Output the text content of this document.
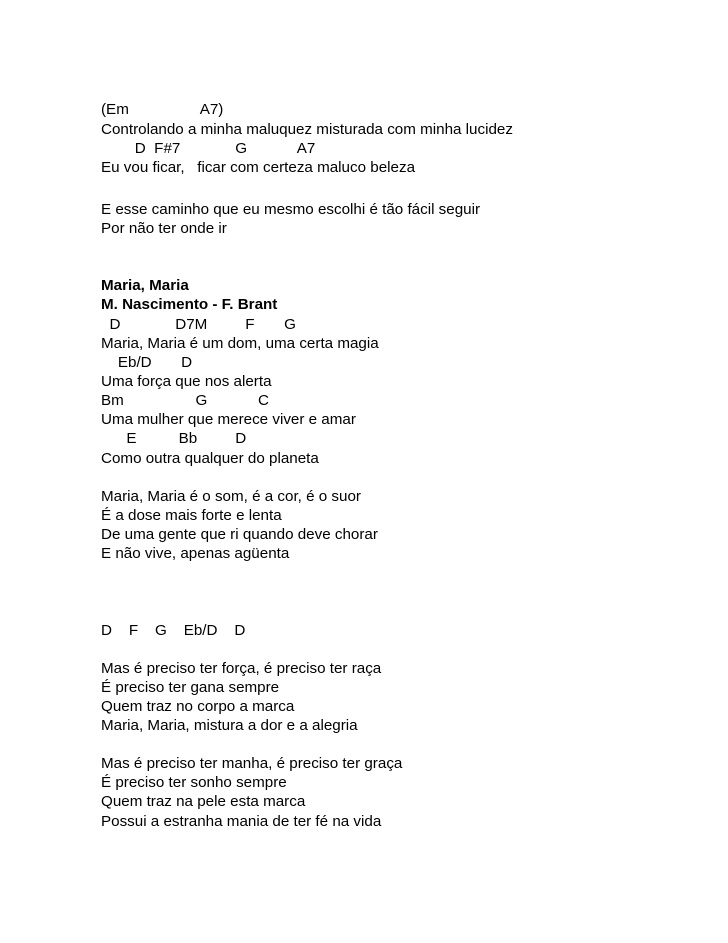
(Em                 A7)

Controlando a minha maluquez misturada com minha lucidez

D  F#7             G            A7

Eu vou ficar,   ficar com certeza maluco beleza

E esse caminho que eu mesmo escolhi é tão fácil seguir

Por não ter onde ir

Maria, Maria

M. Nascimento - F. Brant

D             D7M         F       G

Maria, Maria é um dom, uma certa magia

Eb/D       D

Uma força que nos alerta

Bm                 G            C

Uma mulher que merece viver e amar

E          Bb         D

Como outra qualquer do planeta

Maria, Maria é o som, é a cor, é o suor

É a dose mais forte e lenta

De uma gente que ri quando deve chorar

E não vive, apenas agüenta

D    F    G    Eb/D    D

Mas é preciso ter força, é preciso ter raça

É preciso ter gana sempre

Quem traz no corpo a marca

Maria, Maria, mistura a dor e a alegria

Mas é preciso ter manha, é preciso ter graça

É preciso ter sonho sempre

Quem traz na pele esta marca

Possui a estranha mania de ter fé na vida
